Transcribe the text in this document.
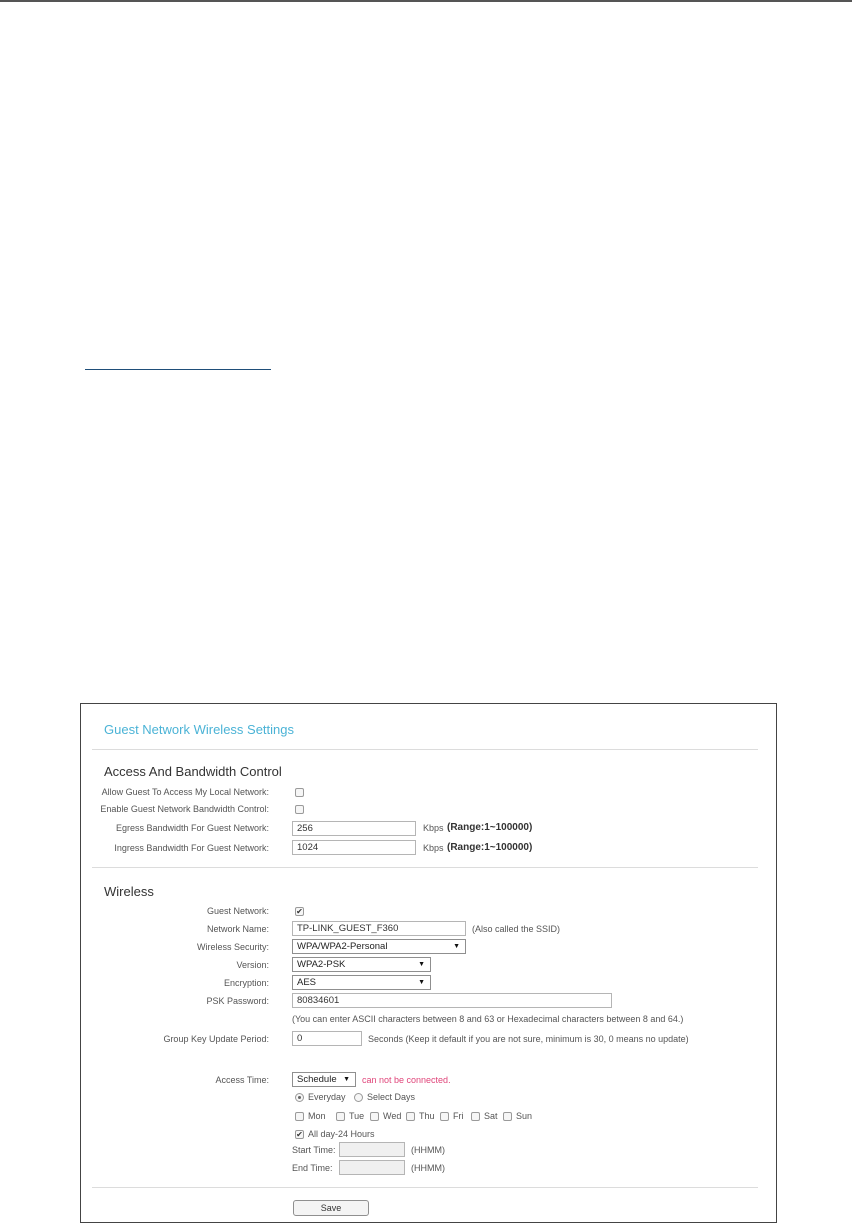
Guest Network Wireless Settings
Access And Bandwidth Control
Allow Guest To Access My Local Network:
Enable Guest Network Bandwidth Control:
Egress Bandwidth For Guest Network:	256	Kbps (Range:1~100000)
Ingress Bandwidth For Guest Network:	1024	Kbps (Range:1~100000)
Wireless
Guest Network:	✔
Network Name:	TP-LINK_GUEST_F360	(Also called the SSID)
Wireless Security:	WPA/WPA2-Personal	▼
Version:	WPA2-PSK	▼
Encryption:	AES	▼
PSK Password:	80834601
(You can enter ASCII characters between 8 and 63 or Hexadecimal characters between 8 and 64.)
Group Key Update Period:	0	Seconds (Keep it default if you are not sure, minimum is 30, 0 means no update)
Access Time:	Schedule ▼ can not be connected.
Everyday Select Days
Mon	Tue Wed Thu Fri Sat Sun
✔ All day-24 Hours
Start Time:	(HHMM)
End Time:	(HHMM)
Save
